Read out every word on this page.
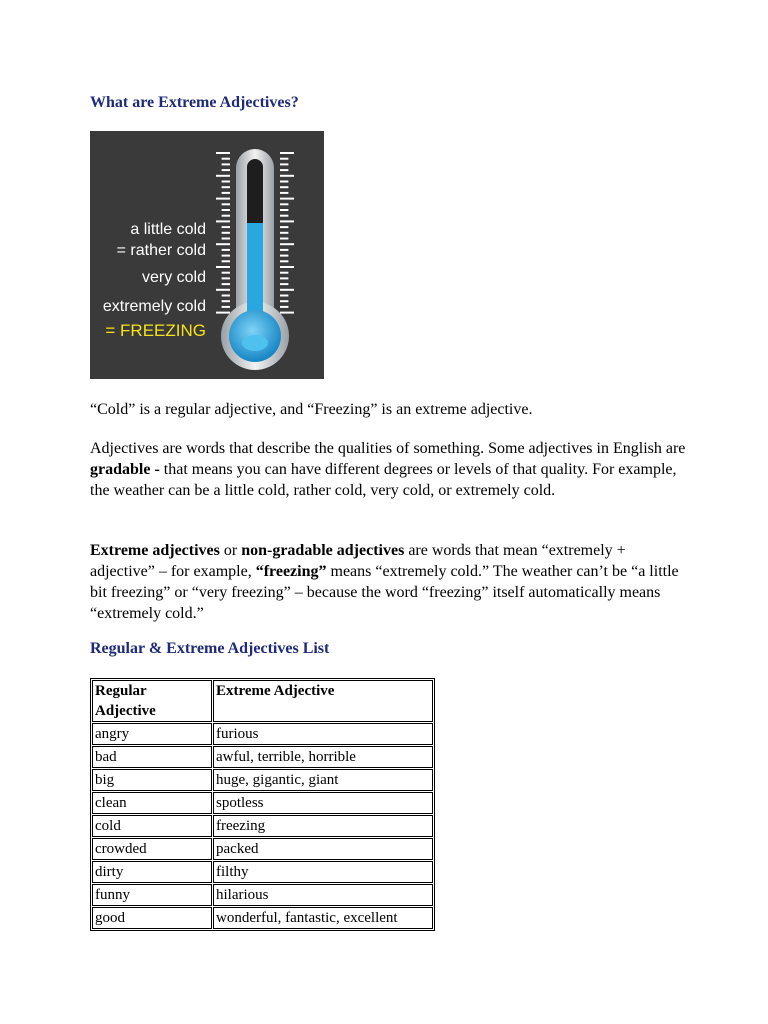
What are Extreme Adjectives?
a little cold
= rather cold
very cold
extremely cold
= FREEZING

“Cold” is a regular adjective, and “Freezing” is an extreme adjective.

Adjectives are words that describe the qualities of something. Some adjectives in English are gradable - that means you can have different degrees or levels of that quality. For example, the weather can be a little cold, rather cold, very cold, or extremely cold.

Extreme adjectives or non-gradable adjectives are words that mean “extremely + adjective” – for example, “freezing” means “extremely cold.” The weather can’t be “a little bit freezing” or “very freezing” – because the word “freezing” itself automatically means “extremely cold.”

Regular & Extreme Adjectives List
Regular Adjective	Extreme Adjective
angry	furious
bad	awful, terrible, horrible
big	huge, gigantic, giant
clean	spotless
cold	freezing
crowded	packed
dirty	filthy
funny	hilarious
good	wonderful, fantastic, excellent
